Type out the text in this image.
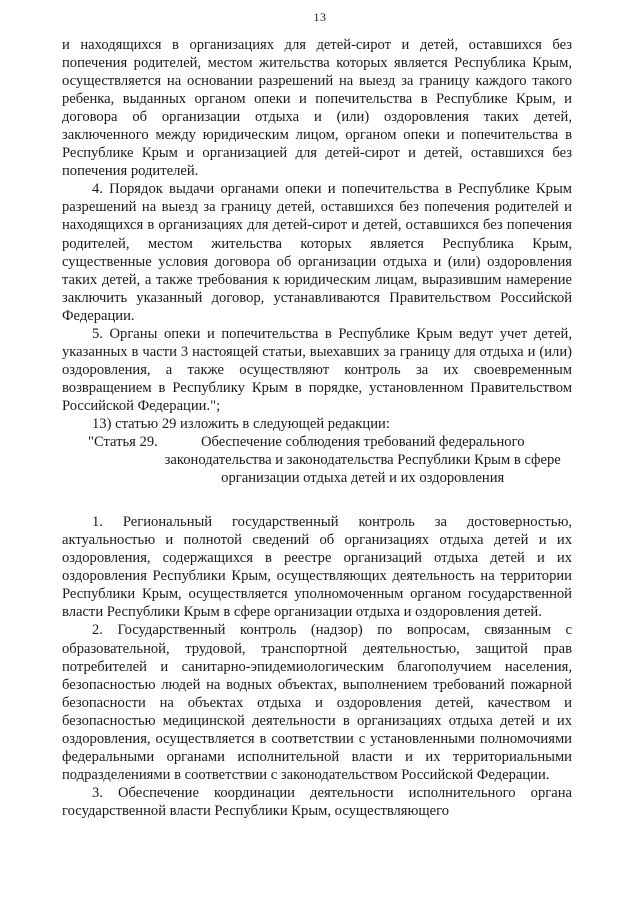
13

и находящихся в организациях для детей-сирот и детей, оставшихся без попечения родителей, местом жительства которых является Республика Крым, осуществляется на основании разрешений на выезд за границу каждого такого ребенка, выданных органом опеки и попечительства в Республике Крым, и договора об организации отдыха и (или) оздоровления таких детей, заключенного между юридическим лицом, органом опеки и попечительства в Республике Крым и организацией для детей-сирот и детей, оставшихся без попечения родителей.

4. Порядок выдачи органами опеки и попечительства в Республике Крым разрешений на выезд за границу детей, оставшихся без попечения родителей и находящихся в организациях для детей-сирот и детей, оставшихся без попечения родителей, местом жительства которых является Республика Крым, существенные условия договора об организации отдыха и (или) оздоровления таких детей, а также требования к юридическим лицам, выразившим намерение заключить указанный договор, устанавливаются Правительством Российской Федерации.

5. Органы опеки и попечительства в Республике Крым ведут учет детей, указанных в части 3 настоящей статьи, выехавших за границу для отдыха и (или) оздоровления, а также осуществляют контроль за их своевременным возвращением в Республику Крым в порядке, установленном Правительством Российской Федерации.";

13) статью 29 изложить в следующей редакции:

"Статья 29.	Обеспечение соблюдения требований федерального законодательства и законодательства Республики Крым в сфере организации отдыха детей и их оздоровления

1. Региональный государственный контроль за достоверностью, актуальностью и полнотой сведений об организациях отдыха детей и их оздоровления, содержащихся в реестре организаций отдыха детей и их оздоровления Республики Крым, осуществляющих деятельность на территории Республики Крым, осуществляется уполномоченным органом государственной власти Республики Крым в сфере организации отдыха и оздоровления детей.

2. Государственный контроль (надзор) по вопросам, связанным с образовательной, трудовой, транспортной деятельностью, защитой прав потребителей и санитарно-эпидемиологическим благополучием населения, безопасностью людей на водных объектах, выполнением требований пожарной безопасности на объектах отдыха и оздоровления детей, качеством и безопасностью медицинской деятельности в организациях отдыха детей и их оздоровления, осуществляется в соответствии с установленными полномочиями федеральными органами исполнительной власти и их территориальными подразделениями в соответствии с законодательством Российской Федерации.

3. Обеспечение координации деятельности исполнительного органа государственной власти Республики Крым, осуществляющего
